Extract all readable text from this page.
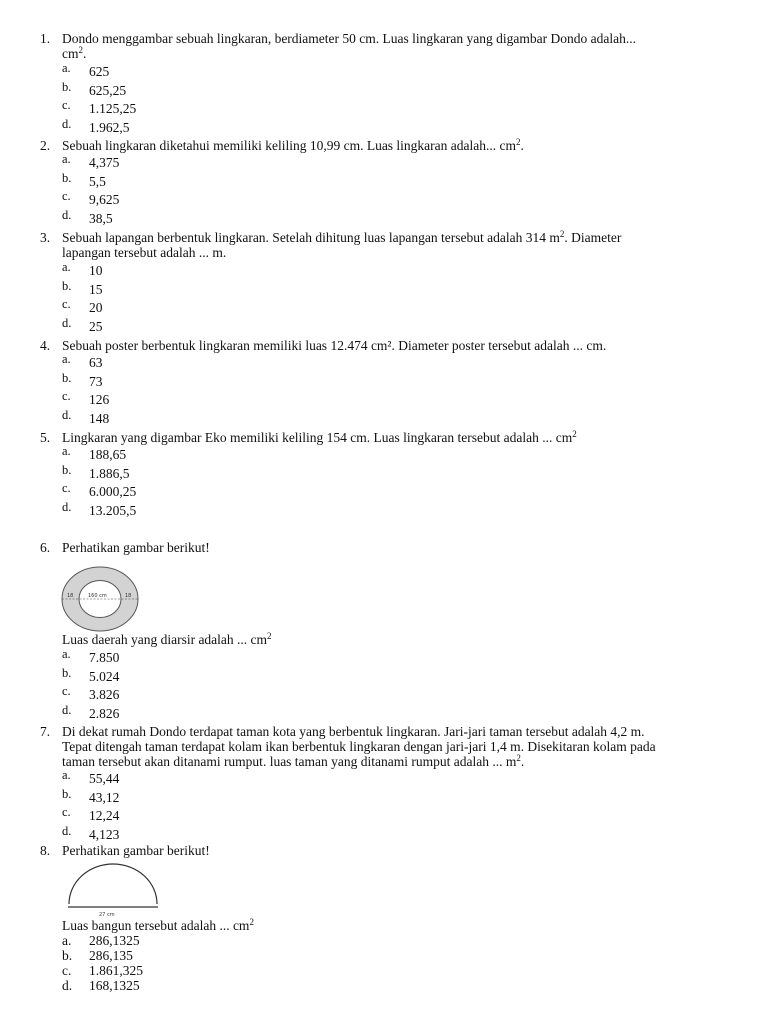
1. Dondo menggambar sebuah lingkaran, berdiameter 50 cm. Luas lingkaran yang digambar Dondo adalah...
$cm^2$.
a. 625
b. 625,25
c. 1.125,25
d. 1.962,5
2. Sebuah lingkaran diketahui memiliki keliling 10,99 cm. Luas lingkaran adalah... $cm^2$.
a. 4,375
b. 5,5
c. 9,625
d. 38,5
3. Sebuah lapangan berbentuk lingkaran. Setelah dihitung luas lapangan tersebut adalah 314 $m^2$. Diameter
lapangan tersebut adalah ... m.
a. 10
b. 15
c. 20
d. 25
4. Sebuah poster berbentuk lingkaran memiliki luas 12.474 cm². Diameter poster tersebut adalah ... cm.
a. 63
b. 73
c. 126
d. 148
5. Lingkaran yang digambar Eko memiliki keliling 154 cm. Luas lingkaran tersebut adalah ... $cm^2$
a. 188,65
b. 1.886,5
c. 6.000,25
d. 13.205,5
6. Perhatikan gambar berikut!
18	160 cm	18
Luas daerah yang diarsir adalah ... $cm^2$
a. 7.850
b. 5.024
c. 3.826
d. 2.826
7. Di dekat rumah Dondo terdapat taman kota yang berbentuk lingkaran. Jari-jari taman tersebut adalah 4,2 m.
Tepat ditengah taman terdapat kolam ikan berbentuk lingkaran dengan jari-jari 1,4 m. Disekitaran kolam pada
taman tersebut akan ditanami rumput. luas taman yang ditanami rumput adalah ... $m^2$.
a. 55,44
b. 43,12
c. 12,24
d. 4,123
8. Perhatikan gambar berikut!
27 cm
Luas bangun tersebut adalah ... $cm^2$
a. 286,1325
b. 286,135
c. 1.861,325
d. 168,1325
